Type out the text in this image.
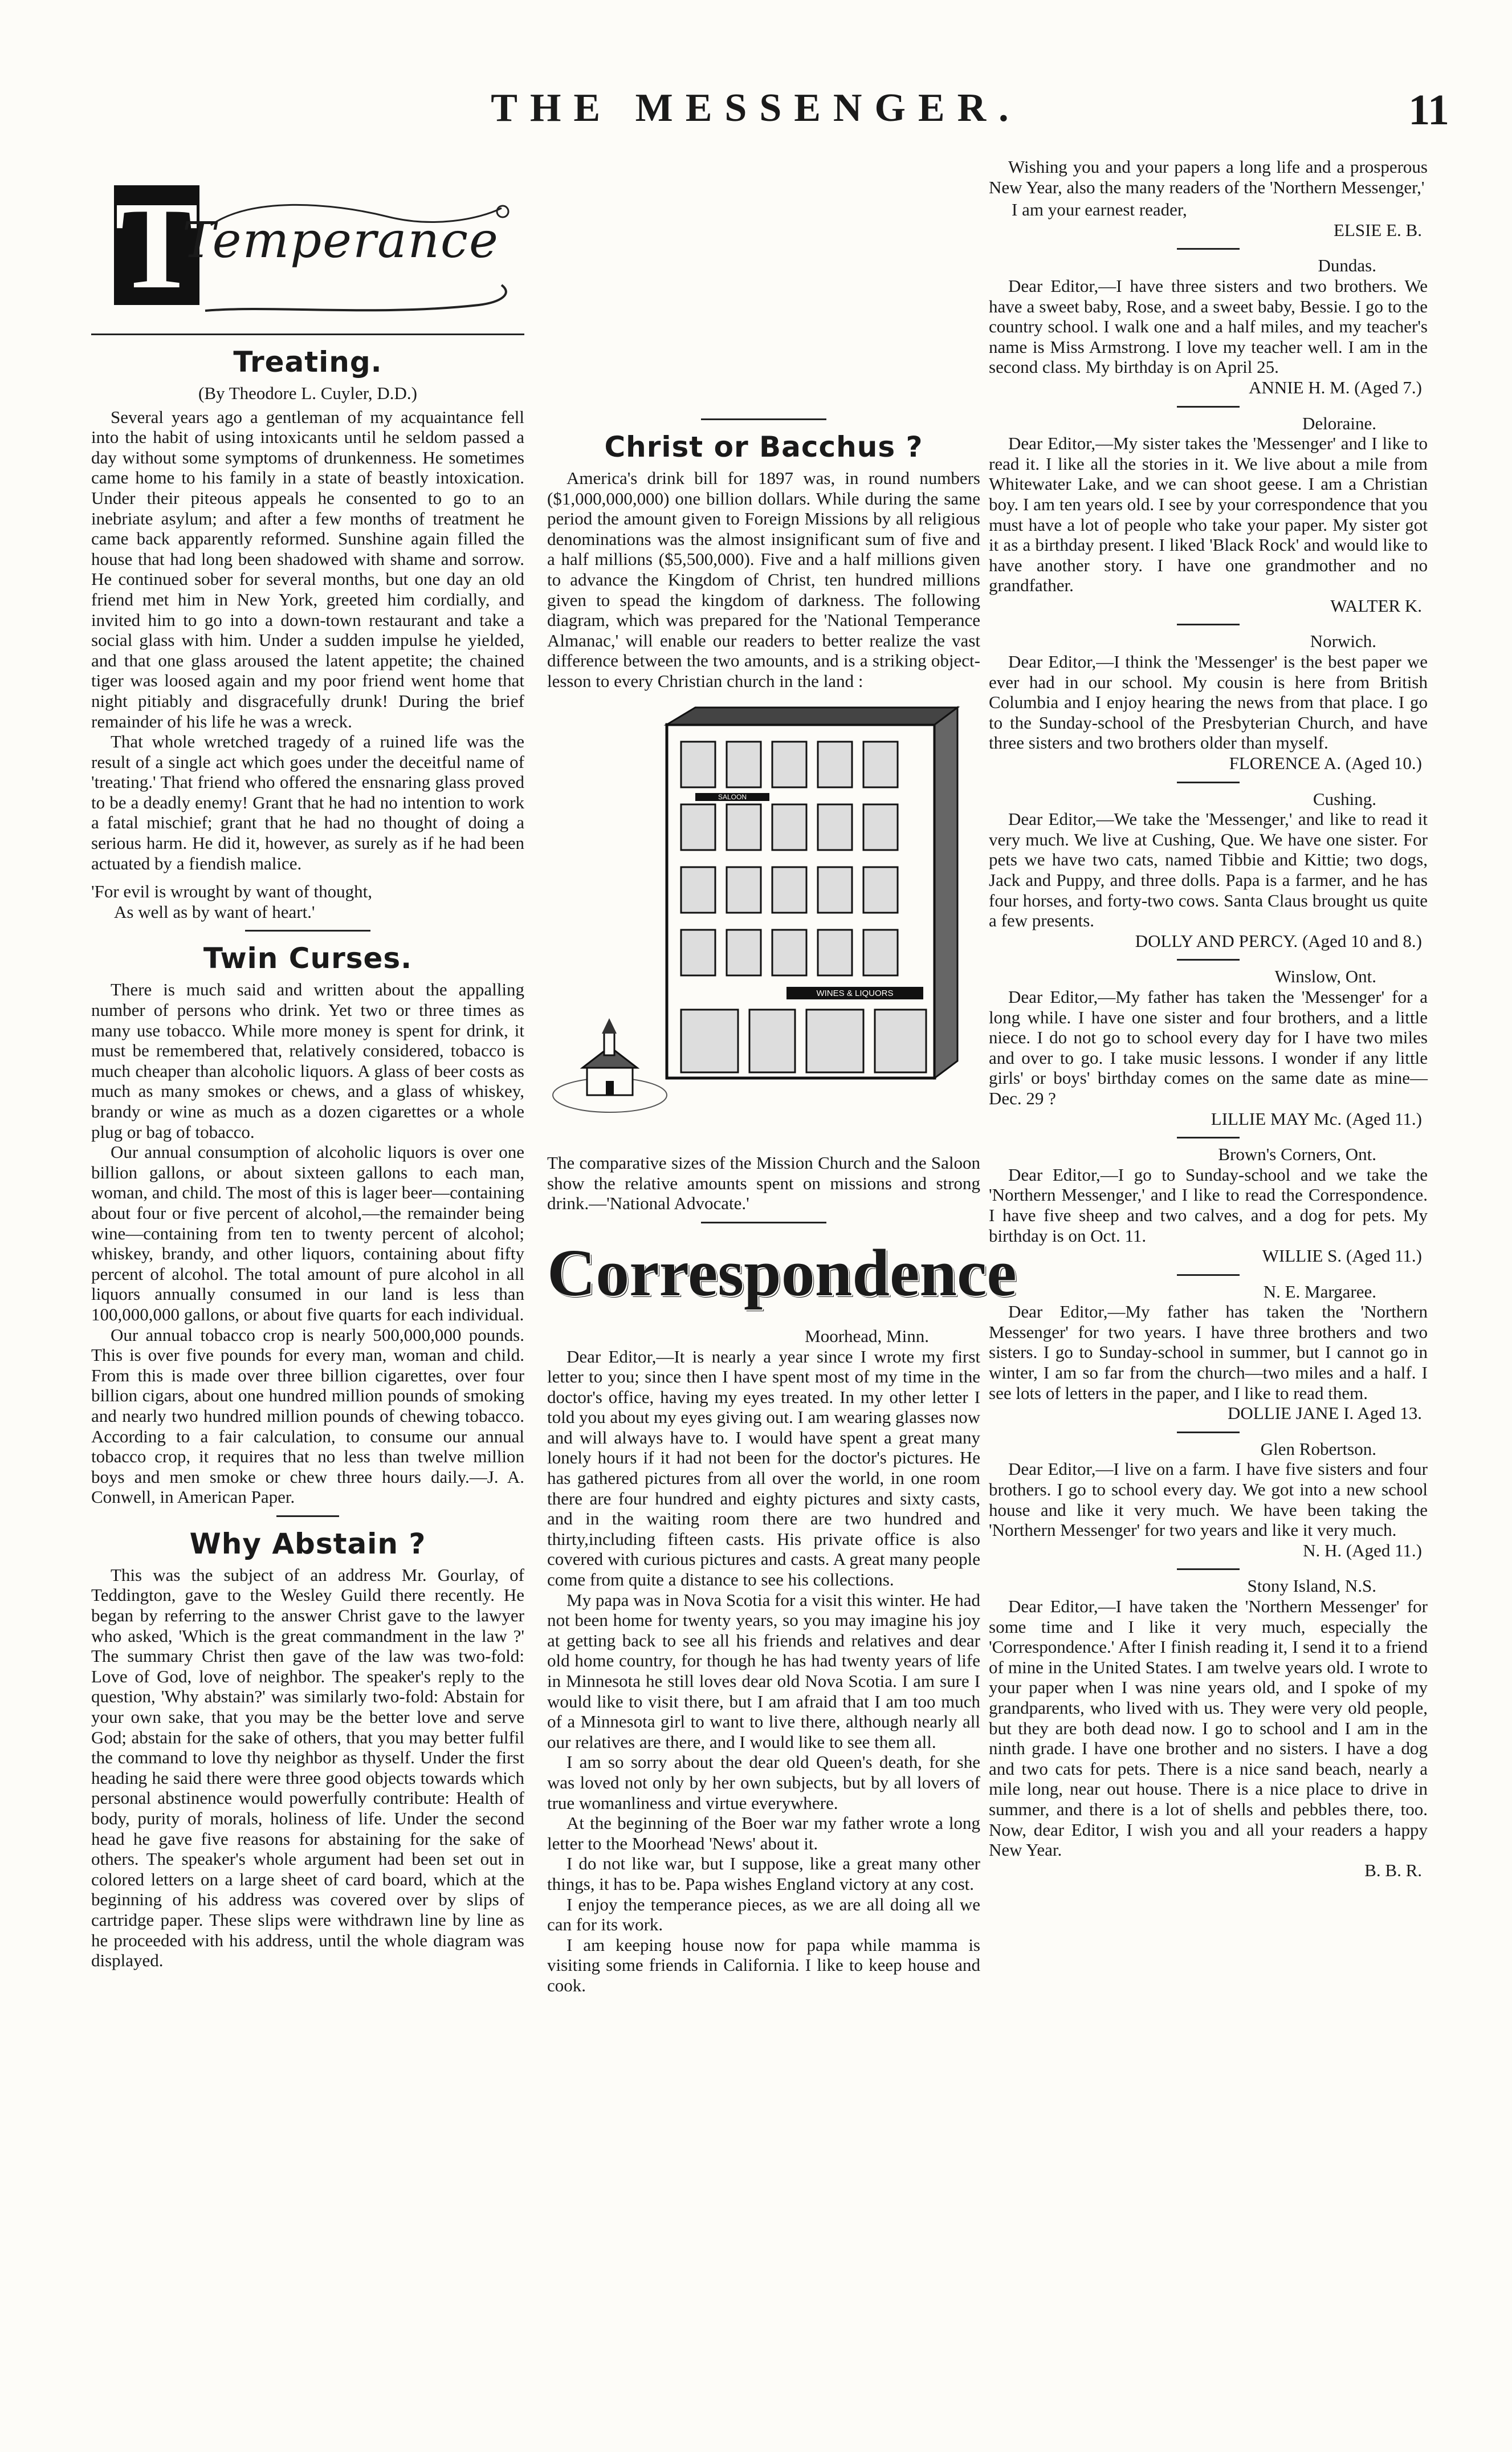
THE MESSENGER.	11
T
Temperance
Treating.
(By Theodore L. Cuyler, D.D.)

Several years ago a gentleman of my acquaintance fell into the habit of using intoxicants until he seldom passed a day without some symptoms of drunkenness. He sometimes came home to his family in a state of beastly intoxication. Under their piteous appeals he consented to go to an inebriate asylum; and after a few months of treatment he came back apparently reformed. Sunshine again filled the house that had long been shadowed with shame and sorrow. He continued sober for several months, but one day an old friend met him in New York, greeted him cordially, and invited him to go into a down-town restaurant and take a social glass with him. Under a sudden impulse he yielded, and that one glass aroused the latent appetite; the chained tiger was loosed again and my poor friend went home that night pitiably and disgracefully drunk! During the brief remainder of his life he was a wreck.

That whole wretched tragedy of a ruined life was the result of a single act which goes under the deceitful name of 'treating.' That friend who offered the ensnaring glass proved to be a deadly enemy! Grant that he had no intention to work a fatal mischief; grant that he had no thought of doing a serious harm. He did it, however, as surely as if he had been actuated by a fiendish malice.

'For evil is wrought by want of thought,
As well as by want of heart.'
Twin Curses.

There is much said and written about the appalling number of persons who drink. Yet two or three times as many use tobacco. While more money is spent for drink, it must be remembered that, relatively considered, tobacco is much cheaper than alcoholic liquors. A glass of beer costs as much as many smokes or chews, and a glass of whiskey, brandy or wine as much as a dozen cigarettes or a whole plug or bag of tobacco.

Our annual consumption of alcoholic liquors is over one billion gallons, or about sixteen gallons to each man, woman, and child. The most of this is lager beer—containing about four or five percent of alcohol,—the remainder being wine—containing from ten to twenty percent of alcohol; whiskey, brandy, and other liquors, containing about fifty percent of alcohol. The total amount of pure alcohol in all liquors annually consumed in our land is less than 100,000,000 gallons, or about five quarts for each individual.

Our annual tobacco crop is nearly 500,000,000 pounds. This is over five pounds for every man, woman and child. From this is made over three billion cigarettes, over four billion cigars, about one hundred million pounds of smoking and nearly two hundred million pounds of chewing tobacco. According to a fair calculation, to consume our annual tobacco crop, it requires that no less than twelve million boys and men smoke or chew three hours daily.—J. A. Conwell, in American Paper.

Why Abstain ?

This was the subject of an address Mr. Gourlay, of Teddington, gave to the Wesley Guild there recently. He began by referring to the answer Christ gave to the lawyer who asked, 'Which is the great commandment in the law ?' The summary Christ then gave of the law was two-fold: Love of God, love of neighbor. The speaker's reply to the question, 'Why abstain?' was similarly two-fold: Abstain for your own sake, that you may be the better love and serve God; abstain for the sake of others, that you may better fulfil the command to love thy neighbor as thyself. Under the first heading he said there were three good objects towards which personal abstinence would powerfully contribute: Health of body, purity of morals, holiness of life. Under the second head he gave five reasons for abstaining for the sake of others. The speaker's whole argument had been set out in colored letters on a large sheet of card board, which at the beginning of his address was covered over by slips of cartridge paper. These slips were withdrawn line by line as he proceeded with his address, until the whole diagram was displayed.

Christ or Bacchus ?

America's drink bill for 1897 was, in round numbers ($1,000,000,000) one billion dollars. While during the same period the amount given to Foreign Missions by all religious denominations was the almost insignificant sum of five and a half millions ($5,500,000). Five and a half millions given to advance the Kingdom of Christ, ten hundred millions given to spead the kingdom of darkness. The following diagram, which was prepared for the 'National Temperance Almanac,' will enable our readers to better realize the vast difference between the two amounts, and is a striking object-lesson to every Christian church in the land :

SALOON
WINES & LIQUORS

The comparative sizes of the Mission Church and the Saloon show the relative amounts spent on missions and strong drink.—'National Advocate.'

Correspondence
Moorhead, Minn.

Dear Editor,—It is nearly a year since I wrote my first letter to you; since then I have spent most of my time in the doctor's office, having my eyes treated. In my other letter I told you about my eyes giving out. I am wearing glasses now and will always have to. I would have spent a great many lonely hours if it had not been for the doctor's pictures. He has gathered pictures from all over the world, in one room there are four hundred and eighty pictures and sixty casts, and in the waiting room there are two hundred and thirty,including fifteen casts. His private office is also covered with curious pictures and casts. A great many people come from quite a distance to see his collections.

My papa was in Nova Scotia for a visit this winter. He had not been home for twenty years, so you may imagine his joy at getting back to see all his friends and relatives and dear old home country, for though he has had twenty years of life in Minnesota he still loves dear old Nova Scotia. I am sure I would like to visit there, but I am afraid that I am too much of a Minnesota girl to want to live there, although nearly all our relatives are there, and I would like to see them all.

I am so sorry about the dear old Queen's death, for she was loved not only by her own subjects, but by all lovers of true womanliness and virtue everywhere.

At the beginning of the Boer war my father wrote a long letter to the Moorhead 'News' about it.

I do not like war, but I suppose, like a great many other things, it has to be. Papa wishes England victory at any cost.

I enjoy the temperance pieces, as we are all doing all we can for its work.

I am keeping house now for papa while mamma is visiting some friends in California. I like to keep house and cook.

Wishing you and your papers a long life and a prosperous New Year, also the many readers of the 'Northern Messenger,'

I am your earnest reader,
ELSIE E. B.
Dundas.

Dear Editor,—I have three sisters and two brothers. We have a sweet baby, Rose, and a sweet baby, Bessie. I go to the country school. I walk one and a half miles, and my teacher's name is Miss Armstrong. I love my teacher well. I am in the second class. My birthday is on April 25.

ANNIE H. M. (Aged 7.)
Deloraine.

Dear Editor,—My sister takes the 'Messenger' and I like to read it. I like all the stories in it. We live about a mile from Whitewater Lake, and we can shoot geese. I am a Christian boy. I am ten years old. I see by your correspondence that you must have a lot of people who take your paper. My sister got it as a birthday present. I liked 'Black Rock' and would like to have another story. I have one grandmother and no grandfather.

WALTER K.
Norwich.

Dear Editor,—I think the 'Messenger' is the best paper we ever had in our school. My cousin is here from British Columbia and I enjoy hearing the news from that place. I go to the Sunday-school of the Presbyterian Church, and have three sisters and two brothers older than myself.

FLORENCE A. (Aged 10.)
Cushing.

Dear Editor,—We take the 'Messenger,' and like to read it very much. We live at Cushing, Que. We have one sister. For pets we have two cats, named Tibbie and Kittie; two dogs, Jack and Puppy, and three dolls. Papa is a farmer, and he has four horses, and forty-two cows. Santa Claus brought us quite a few presents.

DOLLY AND PERCY. (Aged 10 and 8.)
Winslow, Ont.

Dear Editor,—My father has taken the 'Messenger' for a long while. I have one sister and four brothers, and a little niece. I do not go to school every day for I have two miles and over to go. I take music lessons. I wonder if any little girls' or boys' birthday comes on the same date as mine—Dec. 29 ?

LILLIE MAY Mc. (Aged 11.)
Brown's Corners, Ont.

Dear Editor,—I go to Sunday-school and we take the 'Northern Messenger,' and I like to read the Correspondence. I have five sheep and two calves, and a dog for pets. My birthday is on Oct. 11.

WILLIE S. (Aged 11.)
N. E. Margaree.

Dear Editor,—My father has taken the 'Northern Messenger' for two years. I have three brothers and two sisters. I go to Sunday-school in summer, but I cannot go in winter, I am so far from the church—two miles and a half. I see lots of letters in the paper, and I like to read them.

DOLLIE JANE I. Aged 13.
Glen Robertson.

Dear Editor,—I live on a farm. I have five sisters and four brothers. I go to school every day. We got into a new school house and like it very much. We have been taking the 'Northern Messenger' for two years and like it very much.

N. H. (Aged 11.)
Stony Island, N.S.

Dear Editor,—I have taken the 'Northern Messenger' for some time and I like it very much, especially the 'Correspondence.' After I finish reading it, I send it to a friend of mine in the United States. I am twelve years old. I wrote to your paper when I was nine years old, and I spoke of my grandparents, who lived with us. They were very old people, but they are both dead now. I go to school and I am in the ninth grade. I have one brother and no sisters. I have a dog and two cats for pets. There is a nice sand beach, nearly a mile long, near out house. There is a nice place to drive in summer, and there is a lot of shells and pebbles there, too. Now, dear Editor, I wish you and all your readers a happy New Year.

B. B. R.
